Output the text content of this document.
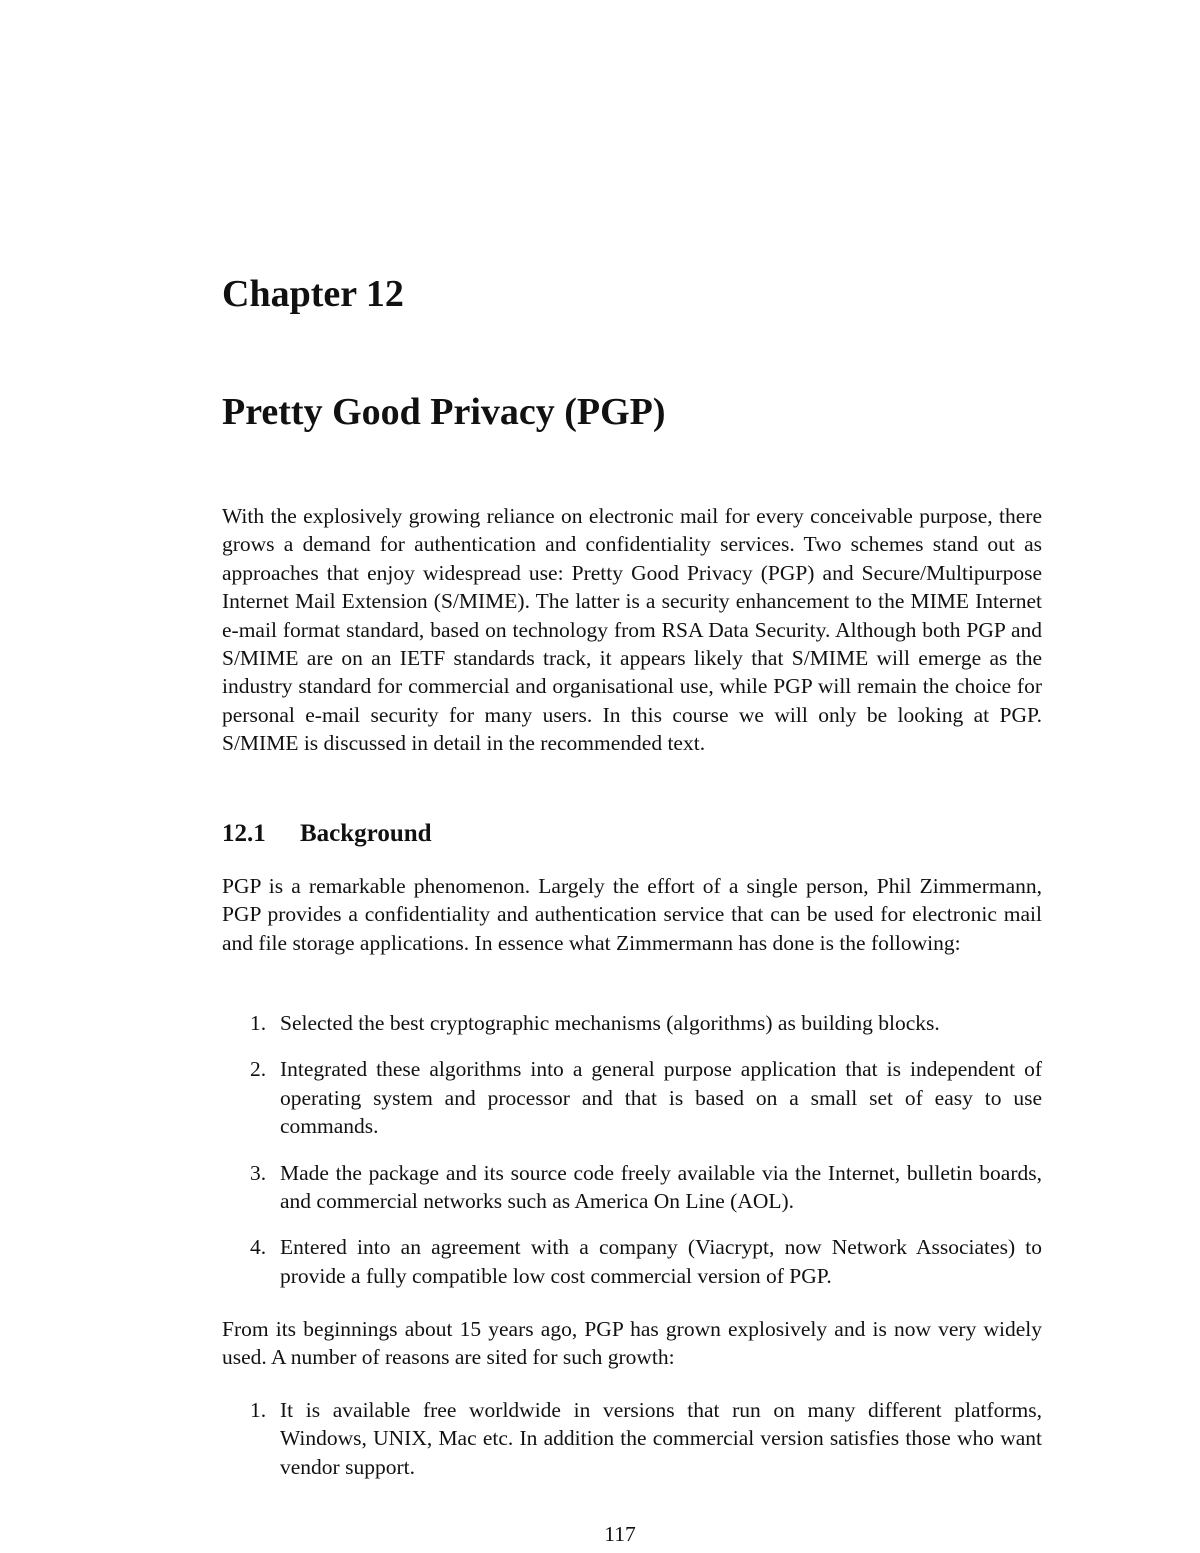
Chapter 12
Pretty Good Privacy (PGP)

With the explosively growing reliance on electronic mail for every conceivable purpose, there grows a demand for authentication and confidentiality services. Two schemes stand out as approaches that enjoy widespread use: Pretty Good Privacy (PGP) and Secure/Multipurpose Internet Mail Extension (S/MIME). The latter is a security enhancement to the MIME Internet e-mail format standard, based on technology from RSA Data Security. Although both PGP and S/MIME are on an IETF standards track, it appears likely that S/MIME will emerge as the industry standard for commercial and organisational use, while PGP will remain the choice for personal e-mail security for many users. In this course we will only be looking at PGP. S/MIME is discussed in detail in the recommended text.

12.1 Background

PGP is a remarkable phenomenon. Largely the effort of a single person, Phil Zimmermann, PGP provides a confidentiality and authentication service that can be used for electronic mail and file storage applications. In essence what Zimmermann has done is the following:

1. Selected the best cryptographic mechanisms (algorithms) as building blocks.
2. Integrated these algorithms into a general purpose application that is independent of operating system and processor and that is based on a small set of easy to use commands.
3. Made the package and its source code freely available via the Internet, bulletin boards, and commercial networks such as America On Line (AOL).
4. Entered into an agreement with a company (Viacrypt, now Network Associates) to provide a fully compatible low cost commercial version of PGP.

From its beginnings about 15 years ago, PGP has grown explosively and is now very widely used. A number of reasons are sited for such growth:

1. It is available free worldwide in versions that run on many different platforms, Windows, UNIX, Mac etc. In addition the commercial version satisfies those who want vendor support.
117
